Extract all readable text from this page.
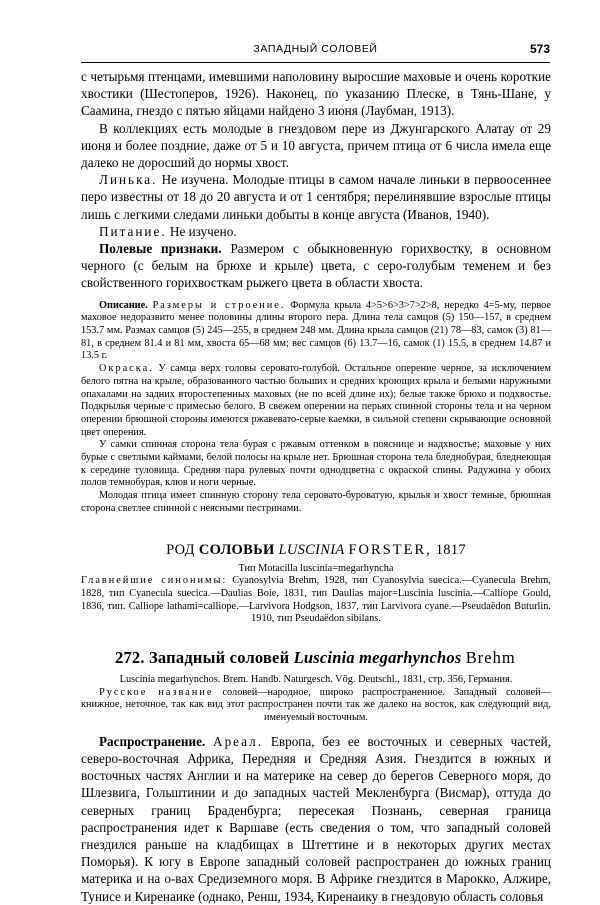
ЗАПАДНЫЙ СОЛОВЕЙ	573

с четырьмя птенцами, имевшими наполовину выросшие маховые и очень короткие хвостики (Шестоперов, 1926). Наконец, по указанию Плеске, в Тянь-Шане, у Саамина, гнездо с пятью яйцами найдено 3 июня (Лаубман, 1913).

В коллекциях есть молодые в гнездовом пере из Джунгарского Алатау от 29 июня и более поздние, даже от 5 и 10 августа, причем птица от 6 числа имела еще далеко не доросший до нормы хвост.

Линька. Не изучена. Молодые птицы в самом начале линьки в первоосеннее перо известны от 18 до 20 августа и от 1 сентября; перелинявшие взрослые птицы лишь с легкими следами линьки добыты в конце августа (Иванов, 1940).

Питание. Не изучено.

Полевые признаки. Размером с обыкновенную горихвостку, в основном черного (с белым на брюхе и крыле) цвета, с серо-голубым теменем и без свойственного горихвосткам рыжего цвета в области хвоста.

Описание. Размеры и строение. Формула крыла 4>5>6>3>7>2>8, нередко 4=5-му, первое маховое недоразвито менее половины длины второго пера. Длина тела самцов (5) 150—157, в среднем 153.7 мм. Размах самцов (5) 245—255, в среднем 248 мм. Длина крыла самцов (21) 78—83, самок (3) 81—81, в среднем 81.4 и 81 мм, хвоста 65—68 мм; вес самцов (6) 13.7—16, самок (1) 15.5, в среднем 14.87 и 13.5 г.

Окраска. У самца верх головы серовато-голубой. Остальное оперение черное, за исключением белого пятна на крыле, образованного частью больших и средних кроющих крыла и белыми наружными опахалами на задних второстепенных маховых (не по всей длине их); белые также брюхо и подхвостье. Подкрылья черные с примесью белого. В свежем оперении на перьях спинной стороны тела и на черном оперении брюшной стороны имеются ржавевато-серые каемки, в сильной степени скрывающие основной цвет оперения.

У самки спинная сторона тела бурая с ржавым оттенком в пояснице и надхвостье; маховые у них бурые с светлыми каймами, белой полосы на крыле нет. Брюшная сторона тела бледнобурая, бледнеющая к середине туловища. Средняя пара рулевых почти однодцветна с окраской спины. Радужина у обоих полов темнобурая, клюв и ноги черные.

Молодая птица имеет спинную сторону тела серовато-буроватую, крылья и хвост темные, брюшная сторона светлее спинной с неясными пестринами.

РОД СОЛОВЬИ LUSCINIA FORSTER, 1817
Тип Motacilla luscinia=megarhyncha

Главнейшие синонимы: Cyanosylvia Brehm, 1928, тип Cyanosylvia suecica.—Cyanecula Brehm, 1828, тип Cyanecula suecica.—Daulias Boie, 1831, тип Daulias major=Luscinia luscinia.—Calliope Gould, 1836, тип. Calliope lathami=calliope.—Larvivora Hodgson, 1837, тип Larvivora cyane.—Pseudaëdon Buturlin. 1910, тип Pseudaëdon sibilans.

272. Западный соловей Luscinia megarhynchos Brehm

Luscinia megarhynchos. Brem. Handb. Naturgesch. Vög. Deutschl., 1831, стр. 356, Германия.

Русское название соловей—народное, широко распространенное. Западный соловей—книжное, неточное, так как вид этот распространен почти так же далеко на восток, как следующий вид, именуемый восточным.

Распространение. Ареал. Европа, без ее восточных и северных частей, северо-восточная Африка, Передняя и Средняя Азия. Гнездится в южных и восточных частях Англии и на материке на север до берегов Северного моря, до Шлезвига, Гольштинии и до западных частей Мекленбурга (Висмар), оттуда до северных границ Браденбурга; пересекая Познань, северная граница распространения идет к Варшаве (есть сведения о том, что западный соловей гнездился раньше на кладбищах в Штеттине и в некоторых других местах Поморья). К югу в Европе западный соловей распространен до южных границ материка и на о-вах Средиземного моря. В Африке гнездится в Марокко, Алжире, Тунисе и Киренаике (однако, Ренш, 1934, Киренаику в гнездовую область соловья
